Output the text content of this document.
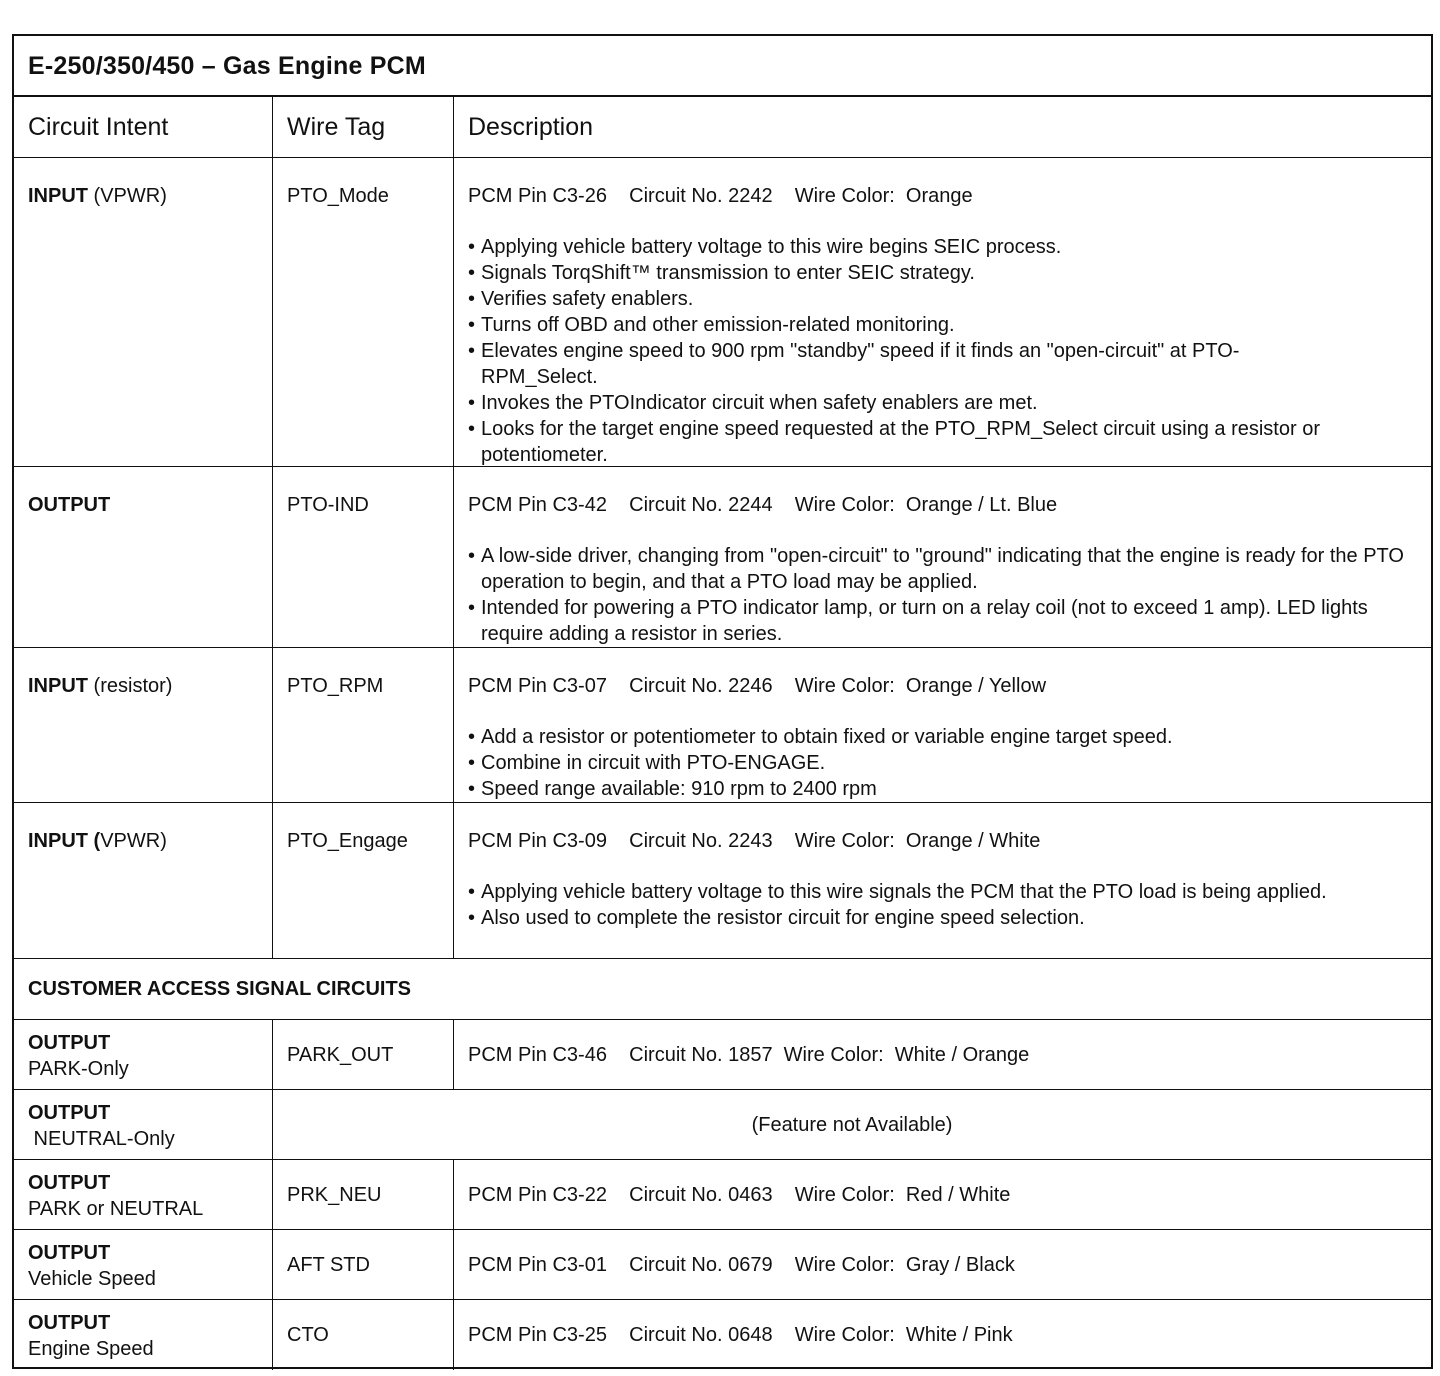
E-250/350/450 – Gas Engine PCM
Circuit Intent	Wire Tag	Description
INPUT (VPWR)	PTO_Mode	PCM Pin C3-26    Circuit No. 2242    Wire Color:  Orange
• Applying vehicle battery voltage to this wire begins SEIC process.
• Signals TorqShift™ transmission to enter SEIC strategy.
• Verifies safety enablers.
• Turns off OBD and other emission-related monitoring.
• Elevates engine speed to 900 rpm "standby" speed if it finds an "open-circuit" at PTO-RPM_Select.
• Invokes the PTOIndicator circuit when safety enablers are met.
• Looks for the target engine speed requested at the PTO_RPM_Select circuit using a resistor or potentiometer.
OUTPUT	PTO-IND	PCM Pin C3-42    Circuit No. 2244    Wire Color:  Orange / Lt. Blue
• A low-side driver, changing from "open-circuit" to "ground" indicating that the engine is ready for the PTO operation to begin, and that a PTO load may be applied.
• Intended for powering a PTO indicator lamp, or turn on a relay coil (not to exceed 1 amp). LED lights require adding a resistor in series.
INPUT (resistor)	PTO_RPM	PCM Pin C3-07    Circuit No. 2246    Wire Color:  Orange / Yellow
• Add a resistor or potentiometer to obtain fixed or variable engine target speed.
• Combine in circuit with PTO-ENGAGE.
• Speed range available: 910 rpm to 2400 rpm
INPUT (VPWR)	PTO_Engage	PCM Pin C3-09    Circuit No. 2243    Wire Color:  Orange / White
• Applying vehicle battery voltage to this wire signals the PCM that the PTO load is being applied.
• Also used to complete the resistor circuit for engine speed selection.
CUSTOMER ACCESS SIGNAL CIRCUITS
OUTPUT
PARK-Only
PARK_OUT	PCM Pin C3-46    Circuit No. 1857  Wire Color:  White / Orange
OUTPUT
NEUTRAL-Only
(Feature not Available)
OUTPUT
PARK or NEUTRAL
PRK_NEU	PCM Pin C3-22    Circuit No. 0463    Wire Color:  Red / White
OUTPUT
Vehicle Speed
AFT STD	PCM Pin C3-01    Circuit No. 0679    Wire Color:  Gray / Black
OUTPUT
Engine Speed
CTO	PCM Pin C3-25    Circuit No. 0648    Wire Color:  White / Pink
